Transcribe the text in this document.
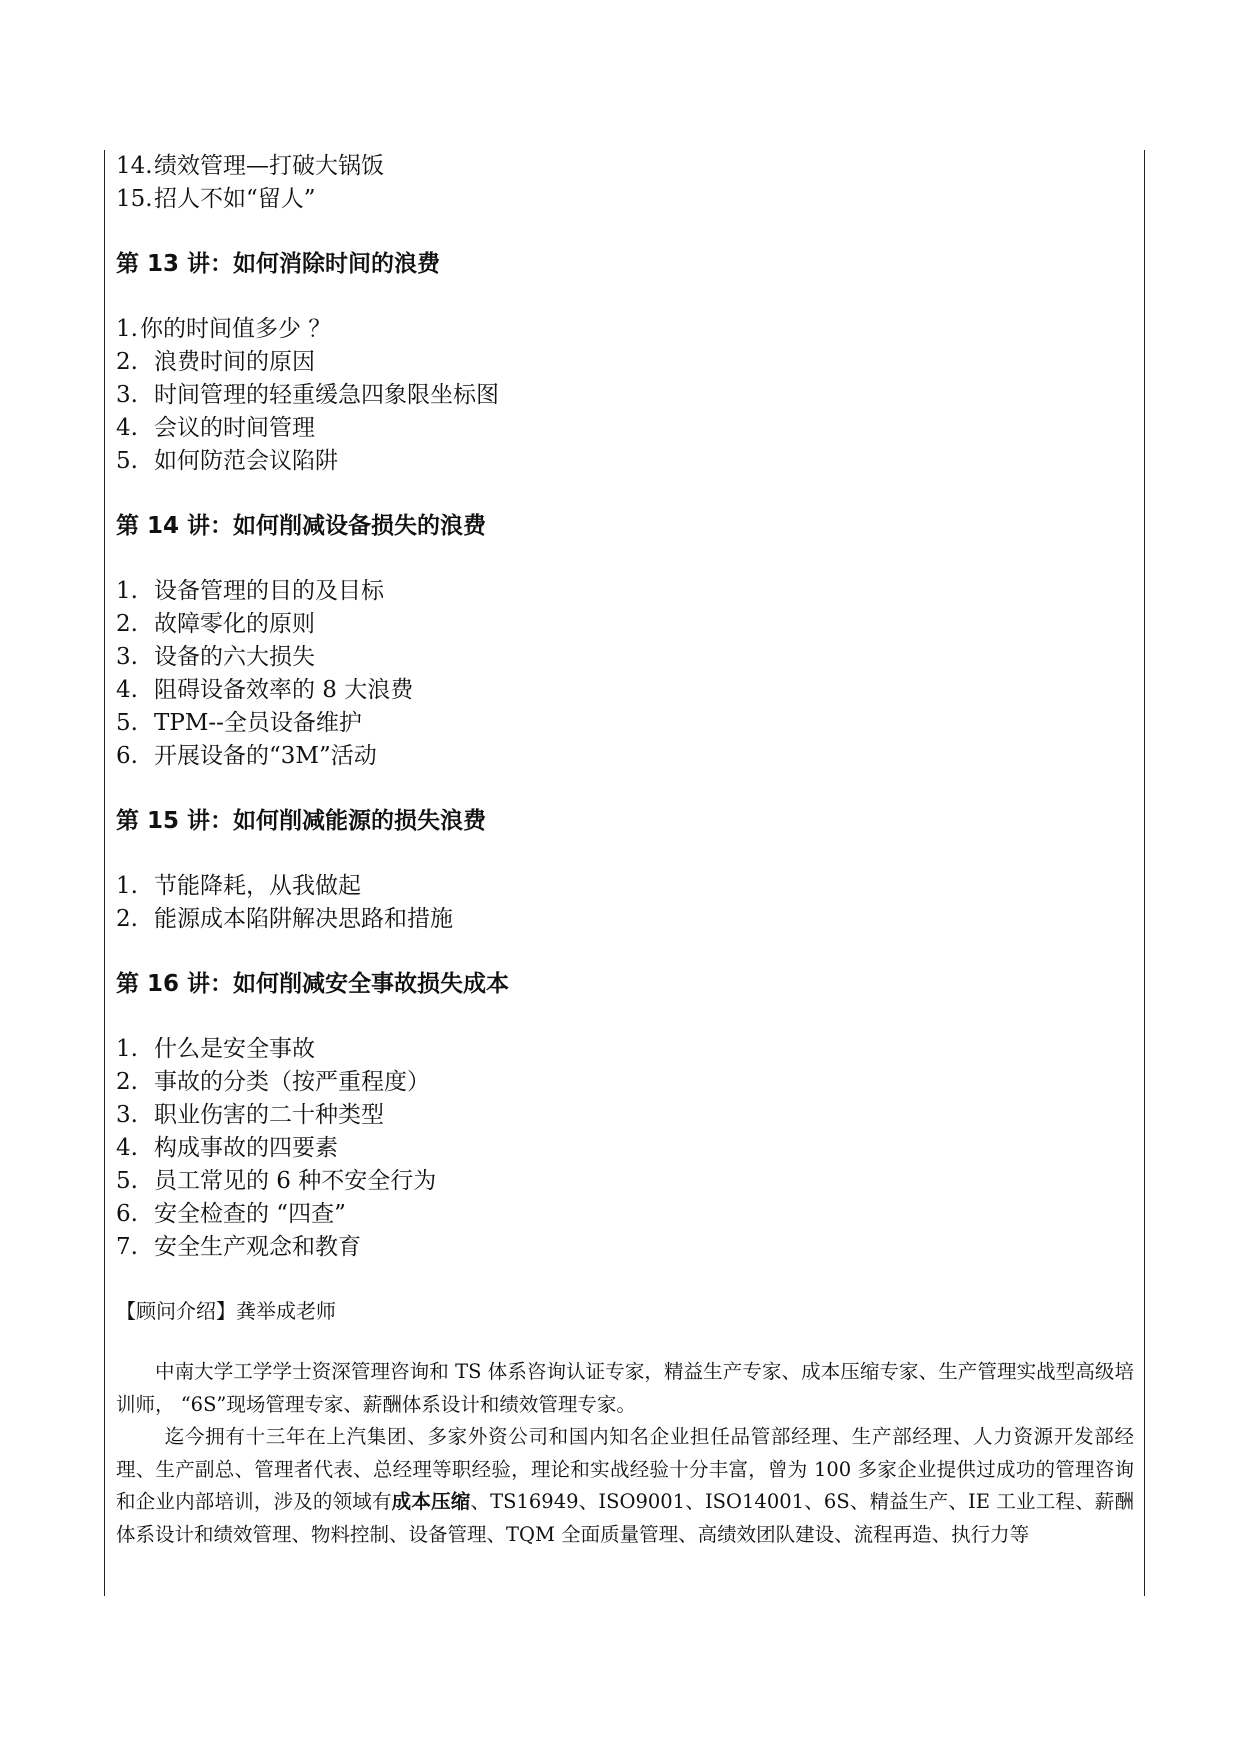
14.绩效管理—打破大锅饭
15.招人不如“留人”
第 13 讲：如何消除时间的浪费
1.你的时间值多少 ？
2. 浪费时间的原因
3. 时间管理的轻重缓急四象限坐标图
4. 会议的时间管理
5. 如何防范会议陷阱
第 14 讲：如何削减设备损失的浪费
1. 设备管理的目的及目标
2. 故障零化的原则
3. 设备的六大损失
4. 阻碍设备效率的 8 大浪费
5. TPM--全员设备维护
6. 开展设备的“3M”活动
第 15 讲：如何削减能源的损失浪费
1. 节能降耗，从我做起
2. 能源成本陷阱解决思路和措施
第 16 讲：如何削减安全事故损失成本
1. 什么是安全事故
2. 事故的分类（按严重程度）
3. 职业伤害的二十种类型
4. 构成事故的四要素
5. 员工常见的 6 种不安全行为
6. 安全检查的 “四查”
7. 安全生产观念和教育
【顾问介绍】龚举成老师

中南大学工学学士资深管理咨询和 TS 体系咨询认证专家，精益生产专家、成本压缩专家、生产管理实战型高级培训师， “6S”现场管理专家、薪酬体系设计和绩效管理专家。

迄今拥有十三年在上汽集团、多家外资公司和国内知名企业担任品管部经理、生产部经理、人力资源开发部经理、生产副总、管理者代表、总经理等职经验，理论和实战经验十分丰富，曾为 100 多家企业提供过成功的管理咨询和企业内部培训，涉及的领域有成本压缩、TS16949、ISO9001、ISO14001、6S、精益生产、IE 工业工程、薪酬体系设计和绩效管理、物料控制、设备管理、TQM 全面质量管理、高绩效团队建设、流程再造、执行力等
